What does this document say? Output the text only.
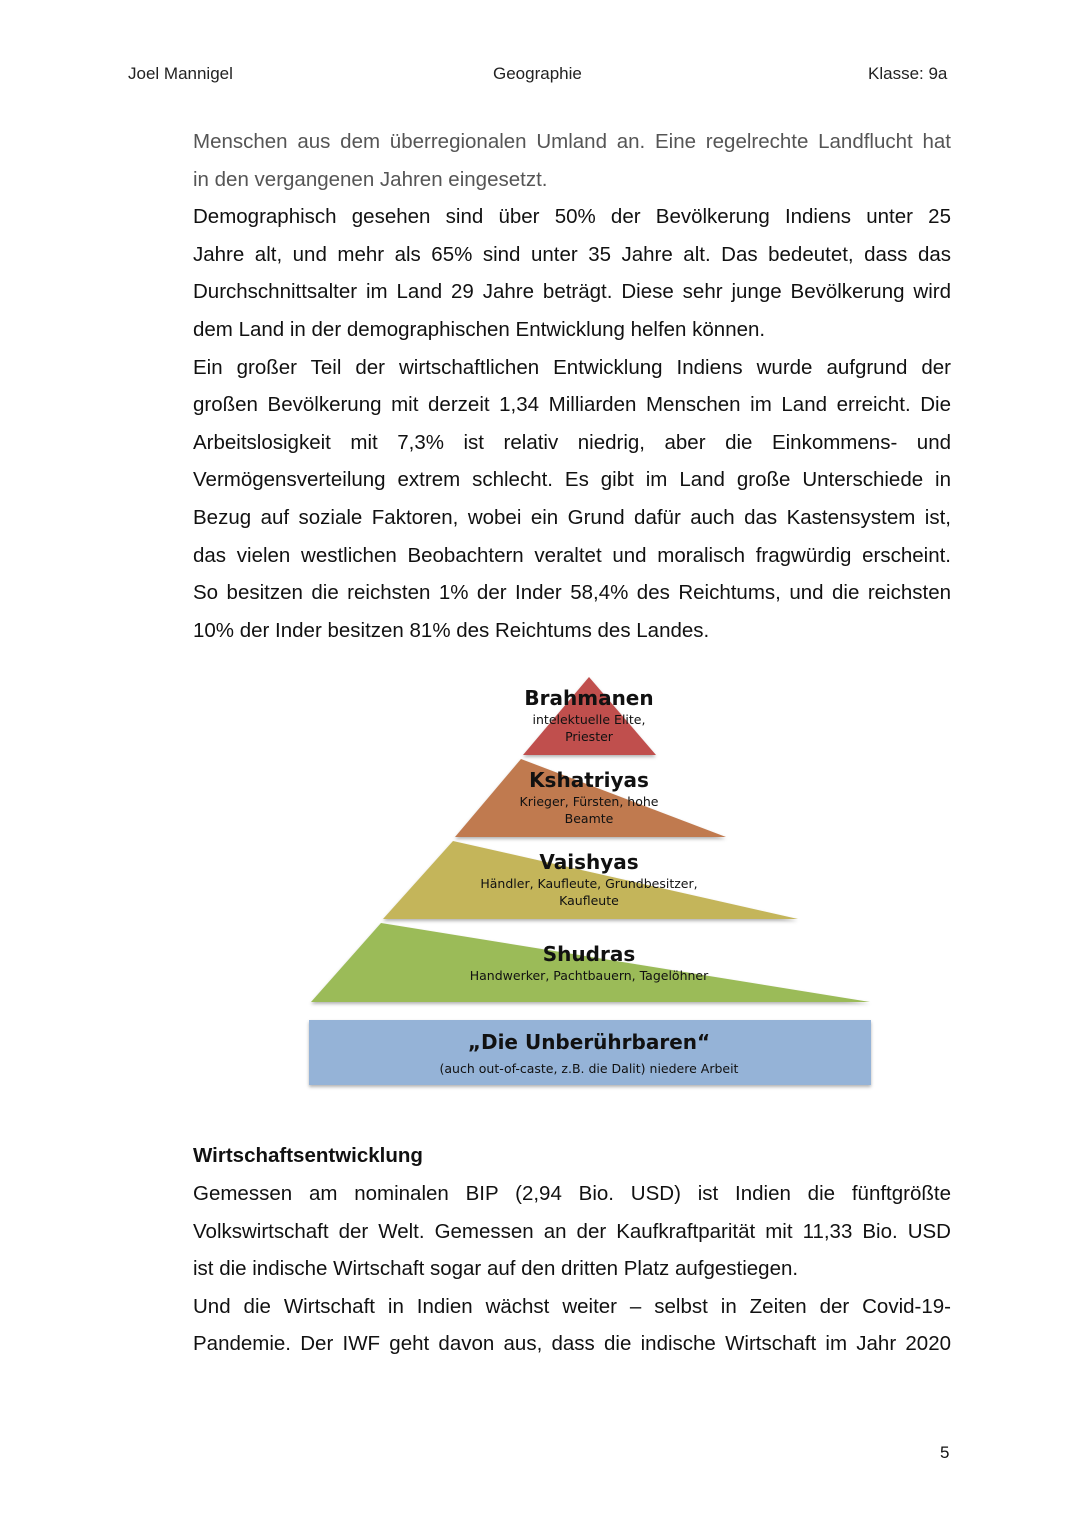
Joel Mannigel	Geographie	Klasse: 9a
Menschen aus dem überregionalen Umland an. Eine regelrechte Landflucht hat
in den vergangenen Jahren eingesetzt.
Demographisch gesehen sind über 50% der Bevölkerung Indiens unter 25
Jahre alt, und mehr als 65% sind unter 35 Jahre alt. Das bedeutet, dass das
Durchschnittsalter im Land 29 Jahre beträgt. Diese sehr junge Bevölkerung wird
dem Land in der demographischen Entwicklung helfen können.
Ein großer Teil der wirtschaftlichen Entwicklung Indiens wurde aufgrund der
großen Bevölkerung mit derzeit 1,34 Milliarden Menschen im Land erreicht. Die
Arbeitslosigkeit mit 7,3% ist relativ niedrig, aber die Einkommens- und
Vermögensverteilung extrem schlecht. Es gibt im Land große Unterschiede in
Bezug auf soziale Faktoren, wobei ein Grund dafür auch das Kastensystem ist,
das vielen westlichen Beobachtern veraltet und moralisch fragwürdig erscheint.
So besitzen die reichsten 1% der Inder 58,4% des Reichtums, und die reichsten
10% der Inder besitzen 81% des Reichtums des Landes.
Brahmanen
intelektuelle Elite,
Priester
Kshatriyas
Krieger, Fürsten, hohe
Beamte
Vaishyas
Händler, Kaufleute, Grundbesitzer,
Kaufleute
Shudras
Handwerker, Pachtbauern, Tagelöhner
„Die Unberührbaren“
(auch out-of-caste, z.B. die Dalit) niedere Arbeit
Wirtschaftsentwicklung
Gemessen am nominalen BIP (2,94 Bio. USD) ist Indien die fünftgrößte
Volkswirtschaft der Welt. Gemessen an der Kaufkraftparität mit 11,33 Bio. USD
ist die indische Wirtschaft sogar auf den dritten Platz aufgestiegen.
Und die Wirtschaft in Indien wächst weiter – selbst in Zeiten der Covid-19-
Pandemie. Der IWF geht davon aus, dass die indische Wirtschaft im Jahr 2020
5
